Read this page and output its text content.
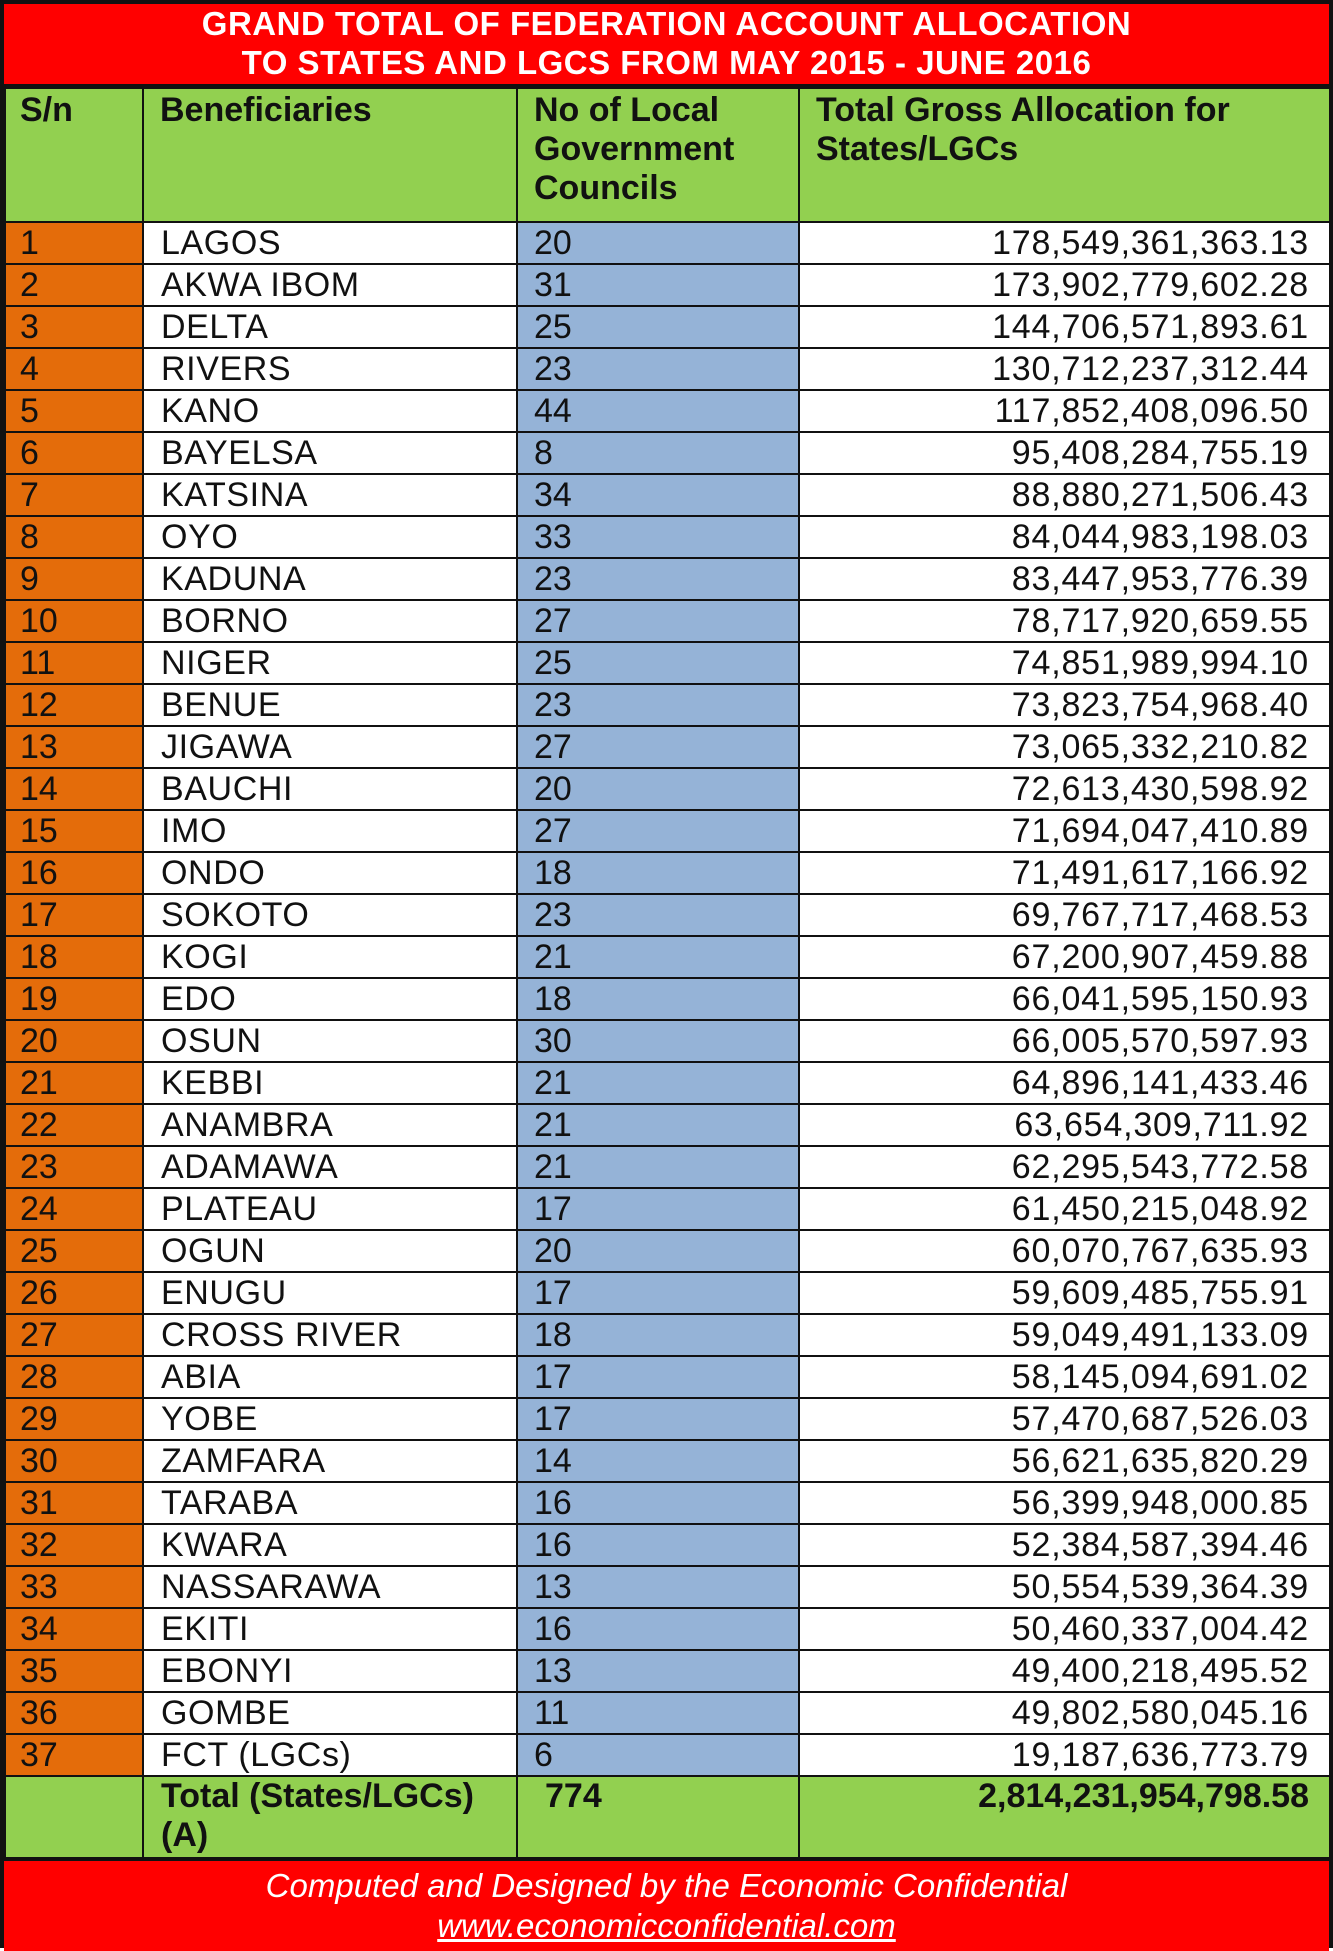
GRAND TOTAL OF FEDERATION ACCOUNT ALLOCATION
TO STATES AND LGCS FROM MAY 2015 - JUNE 2016
S/n	Beneficiaries	No of Local Government Councils	Total Gross Allocation for States/LGCs
1	LAGOS	20	178,549,361,363.13
2	AKWA IBOM	31	173,902,779,602.28
3	DELTA	25	144,706,571,893.61
4	RIVERS	23	130,712,237,312.44
5	KANO	44	117,852,408,096.50
6	BAYELSA	8	95,408,284,755.19
7	KATSINA	34	88,880,271,506.43
8	OYO	33	84,044,983,198.03
9	KADUNA	23	83,447,953,776.39
10	BORNO	27	78,717,920,659.55
11	NIGER	25	74,851,989,994.10
12	BENUE	23	73,823,754,968.40
13	JIGAWA	27	73,065,332,210.82
14	BAUCHI	20	72,613,430,598.92
15	IMO	27	71,694,047,410.89
16	ONDO	18	71,491,617,166.92
17	SOKOTO	23	69,767,717,468.53
18	KOGI	21	67,200,907,459.88
19	EDO	18	66,041,595,150.93
20	OSUN	30	66,005,570,597.93
21	KEBBI	21	64,896,141,433.46
22	ANAMBRA	21	63,654,309,711.92
23	ADAMAWA	21	62,295,543,772.58
24	PLATEAU	17	61,450,215,048.92
25	OGUN	20	60,070,767,635.93
26	ENUGU	17	59,609,485,755.91
27	CROSS RIVER	18	59,049,491,133.09
28	ABIA	17	58,145,094,691.02
29	YOBE	17	57,470,687,526.03
30	ZAMFARA	14	56,621,635,820.29
31	TARABA	16	56,399,948,000.85
32	KWARA	16	52,384,587,394.46
33	NASSARAWA	13	50,554,539,364.39
34	EKITI	16	50,460,337,004.42
35	EBONYI	13	49,400,218,495.52
36	GOMBE	11	49,802,580,045.16
37	FCT (LGCs)	6	19,187,636,773.79
	Total (States/LGCs) (A)	774	2,814,231,954,798.58
Computed and Designed by the Economic Confidential
www.economicconfidential.com
